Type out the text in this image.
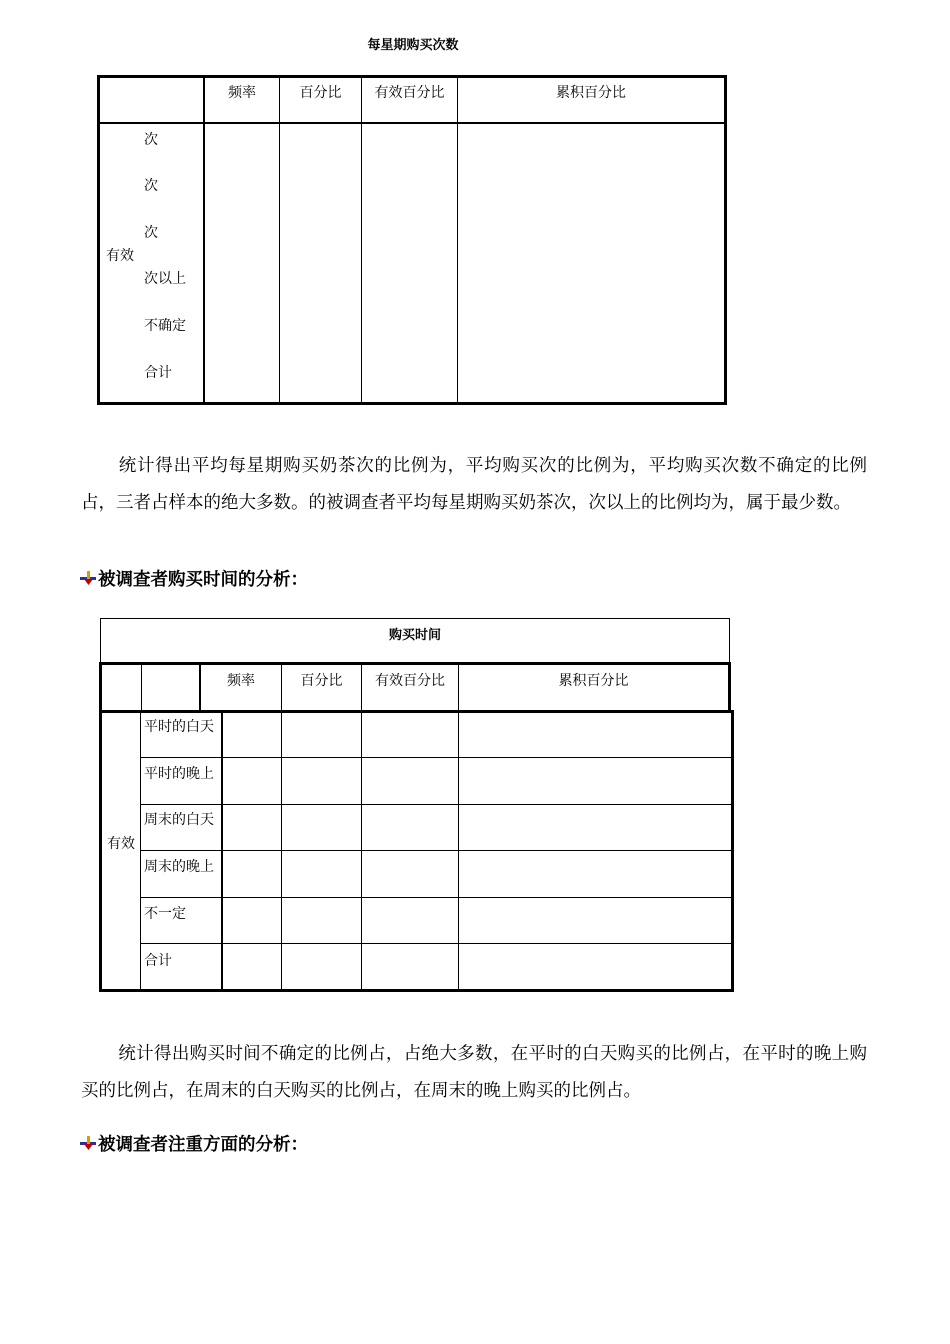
每星期购买次数
频率	百分比	有效百分比	累积百分比
有效
次
次
次
次以上
不确定
合计
统计得出平均每星期购买奶茶次的比例为，平均购买次的比例为，平均购买次数不确定的比例占，三者占样本的绝大多数。的被调查者平均每星期购买奶茶次，次以上的比例均为，属于最少数。
被调查者购买时间的分析：
购买时间
频率	百分比	有效百分比	累积百分比
有效
平时的白天
平时的晚上
周末的白天
周末的晚上
不一定
合计
统计得出购买时间不确定的比例占，占绝大多数，在平时的白天购买的比例占，在平时的晚上购买的比例占，在周末的白天购买的比例占，在周末的晚上购买的比例占。
被调查者注重方面的分析：
